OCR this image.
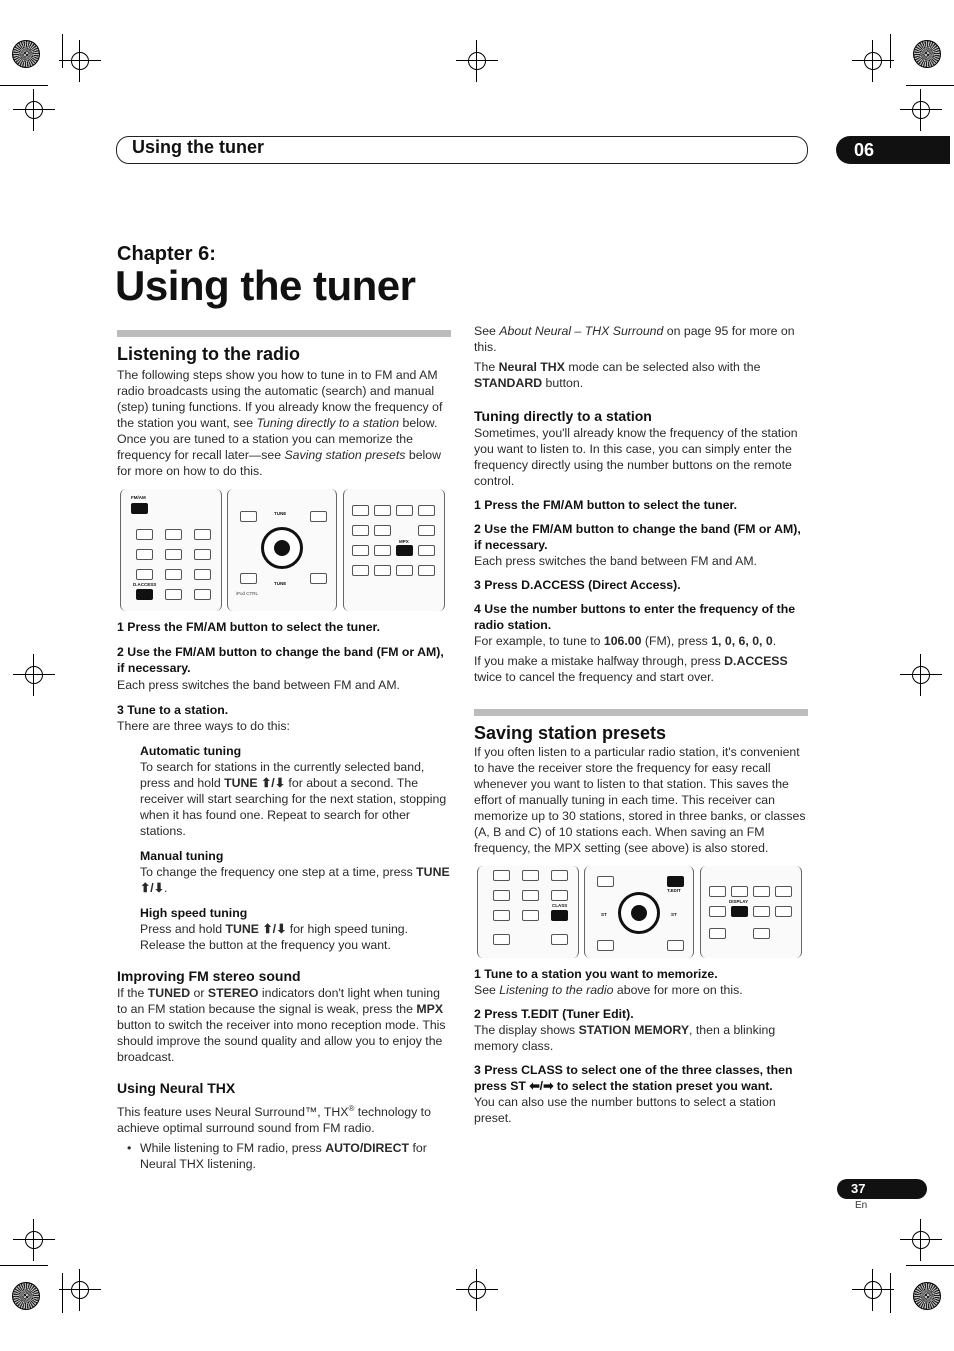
Using the tuner	06
Chapter 6:
Using the tuner
Listening to the radio

The following steps show you how to tune in to FM and AM radio broadcasts using the automatic (search) and manual (step) tuning functions. If you already know the frequency of the station you want, see Tuning directly to a station below. Once you are tuned to a station you can memorize the frequency for recall later—see Saving station presets below for more on how to do this.

FM/AM
D.ACCESS
TUNE
TUNE
iPod CTRL
MPX

1 Press the FM/AM button to select the tuner.

2 Use the FM/AM button to change the band (FM or AM), if necessary.

Each press switches the band between FM and AM.

3 Tune to a station.

There are three ways to do this:

Automatic tuning

To search for stations in the currently selected band, press and hold TUNE ⬆/⬇ for about a second. The receiver will start searching for the next station, stopping when it has found one. Repeat to search for other stations.

Manual tuning

To change the frequency one step at a time, press TUNE ⬆/⬇.

High speed tuning

Press and hold TUNE ⬆/⬇ for high speed tuning. Release the button at the frequency you want.

Improving FM stereo sound

If the TUNED or STEREO indicators don't light when tuning to an FM station because the signal is weak, press the MPX button to switch the receiver into mono reception mode. This should improve the sound quality and allow you to enjoy the broadcast.

Using Neural THX

This feature uses Neural Surround™, THX® technology to achieve optimal surround sound from FM radio.

• While listening to FM radio, press AUTO/DIRECT for Neural THX listening.

See About Neural – THX Surround on page 95 for more on this.

The Neural THX mode can be selected also with the STANDARD button.

Tuning directly to a station

Sometimes, you'll already know the frequency of the station you want to listen to. In this case, you can simply enter the frequency directly using the number buttons on the remote control.

1 Press the FM/AM button to select the tuner.

2 Use the FM/AM button to change the band (FM or AM), if necessary.

Each press switches the band between FM and AM.

3 Press D.ACCESS (Direct Access).

4 Use the number buttons to enter the frequency of the radio station.

For example, to tune to 106.00 (FM), press 1, 0, 6, 0, 0.

If you make a mistake halfway through, press D.ACCESS twice to cancel the frequency and start over.

Saving station presets

If you often listen to a particular radio station, it's convenient to have the receiver store the frequency for easy recall whenever you want to listen to that station. This saves the effort of manually tuning in each time. This receiver can memorize up to 30 stations, stored in three banks, or classes (A, B and C) of 10 stations each. When saving an FM frequency, the MPX setting (see above) is also stored.

CLASS
ST	ST
T.EDIT
DISPLAY

1 Tune to a station you want to memorize.

See Listening to the radio above for more on this.

2 Press T.EDIT (Tuner Edit).

The display shows STATION MEMORY, then a blinking memory class.

3 Press CLASS to select one of the three classes, then press ST ⬅/➡ to select the station preset you want.

You can also use the number buttons to select a station preset.

37
En
